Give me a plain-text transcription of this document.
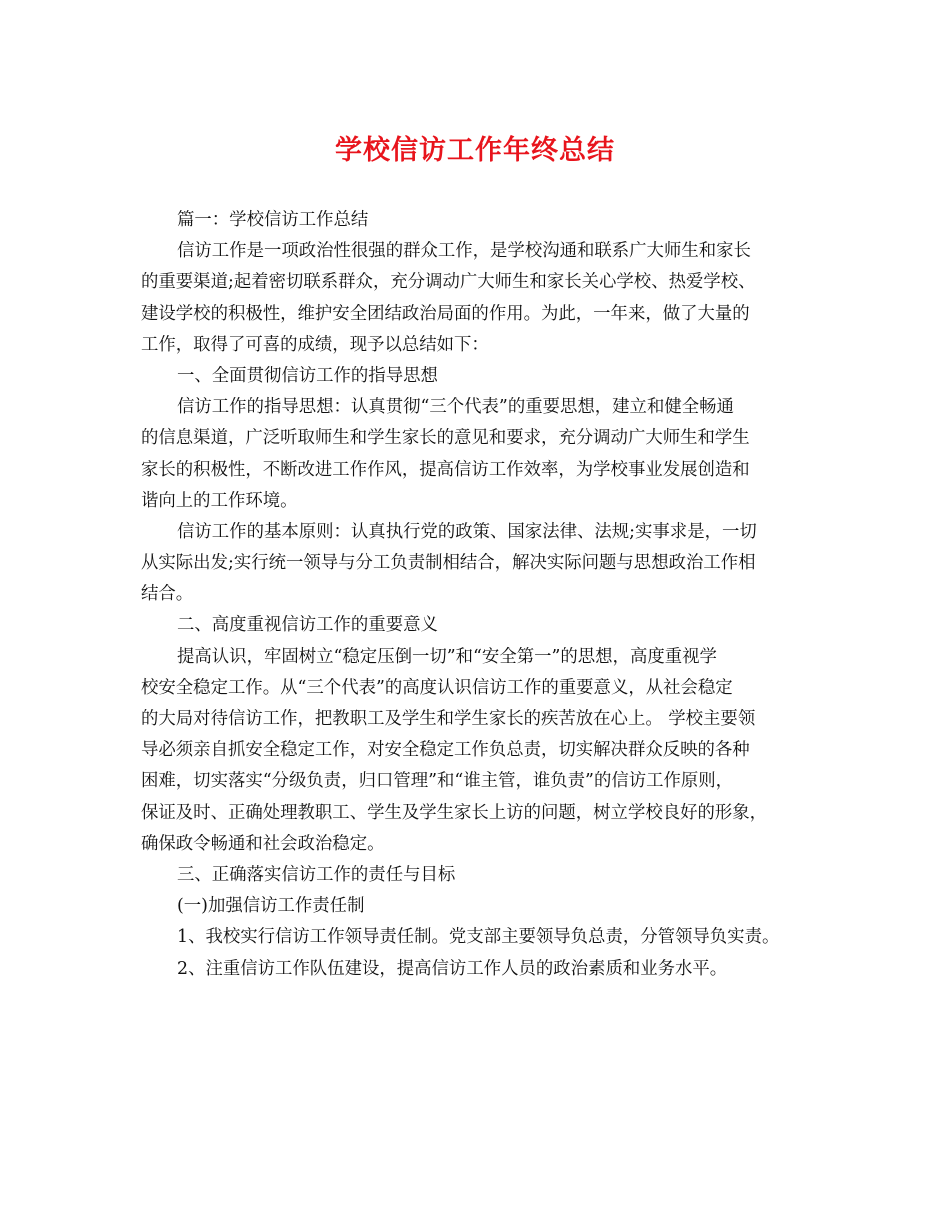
学校信访工作年终总结
篇一：学校信访工作总结
信访工作是一项政治性很强的群众工作，是学校沟通和联系广大师生和家长
的重要渠道;起着密切联系群众，充分调动广大师生和家长关心学校、热爱学校、
建设学校的积极性，维护安全团结政治局面的作用。为此，一年来，做了大量的
工作，取得了可喜的成绩，现予以总结如下：
一、全面贯彻信访工作的指导思想
信访工作的指导思想：认真贯彻“三个代表”的重要思想，建立和健全畅通
的信息渠道，广泛听取师生和学生家长的意见和要求，充分调动广大师生和学生
家长的积极性，不断改进工作作风，提高信访工作效率，为学校事业发展创造和
谐向上的工作环境。
信访工作的基本原则：认真执行党的政策、国家法律、法规;实事求是，一切
从实际出发;实行统一领导与分工负责制相结合，解决实际问题与思想政治工作相
结合。
二、高度重视信访工作的重要意义
提高认识，牢固树立“稳定压倒一切”和“安全第一”的思想，高度重视学
校安全稳定工作。从“三个代表”的高度认识信访工作的重要意义，从社会稳定
的大局对待信访工作，把教职工及学生和学生家长的疾苦放在心上。 学校主要领
导必须亲自抓安全稳定工作，对安全稳定工作负总责，切实解决群众反映的各种
困难，切实落实“分级负责，归口管理”和“谁主管，谁负责”的信访工作原则，
保证及时、正确处理教职工、学生及学生家长上访的问题，树立学校良好的形象，
确保政令畅通和社会政治稳定。
三、正确落实信访工作的责任与目标
(一)加强信访工作责任制
1、我校实行信访工作领导责任制。党支部主要领导负总责，分管领导负实责。
2、注重信访工作队伍建设，提高信访工作人员的政治素质和业务水平。
